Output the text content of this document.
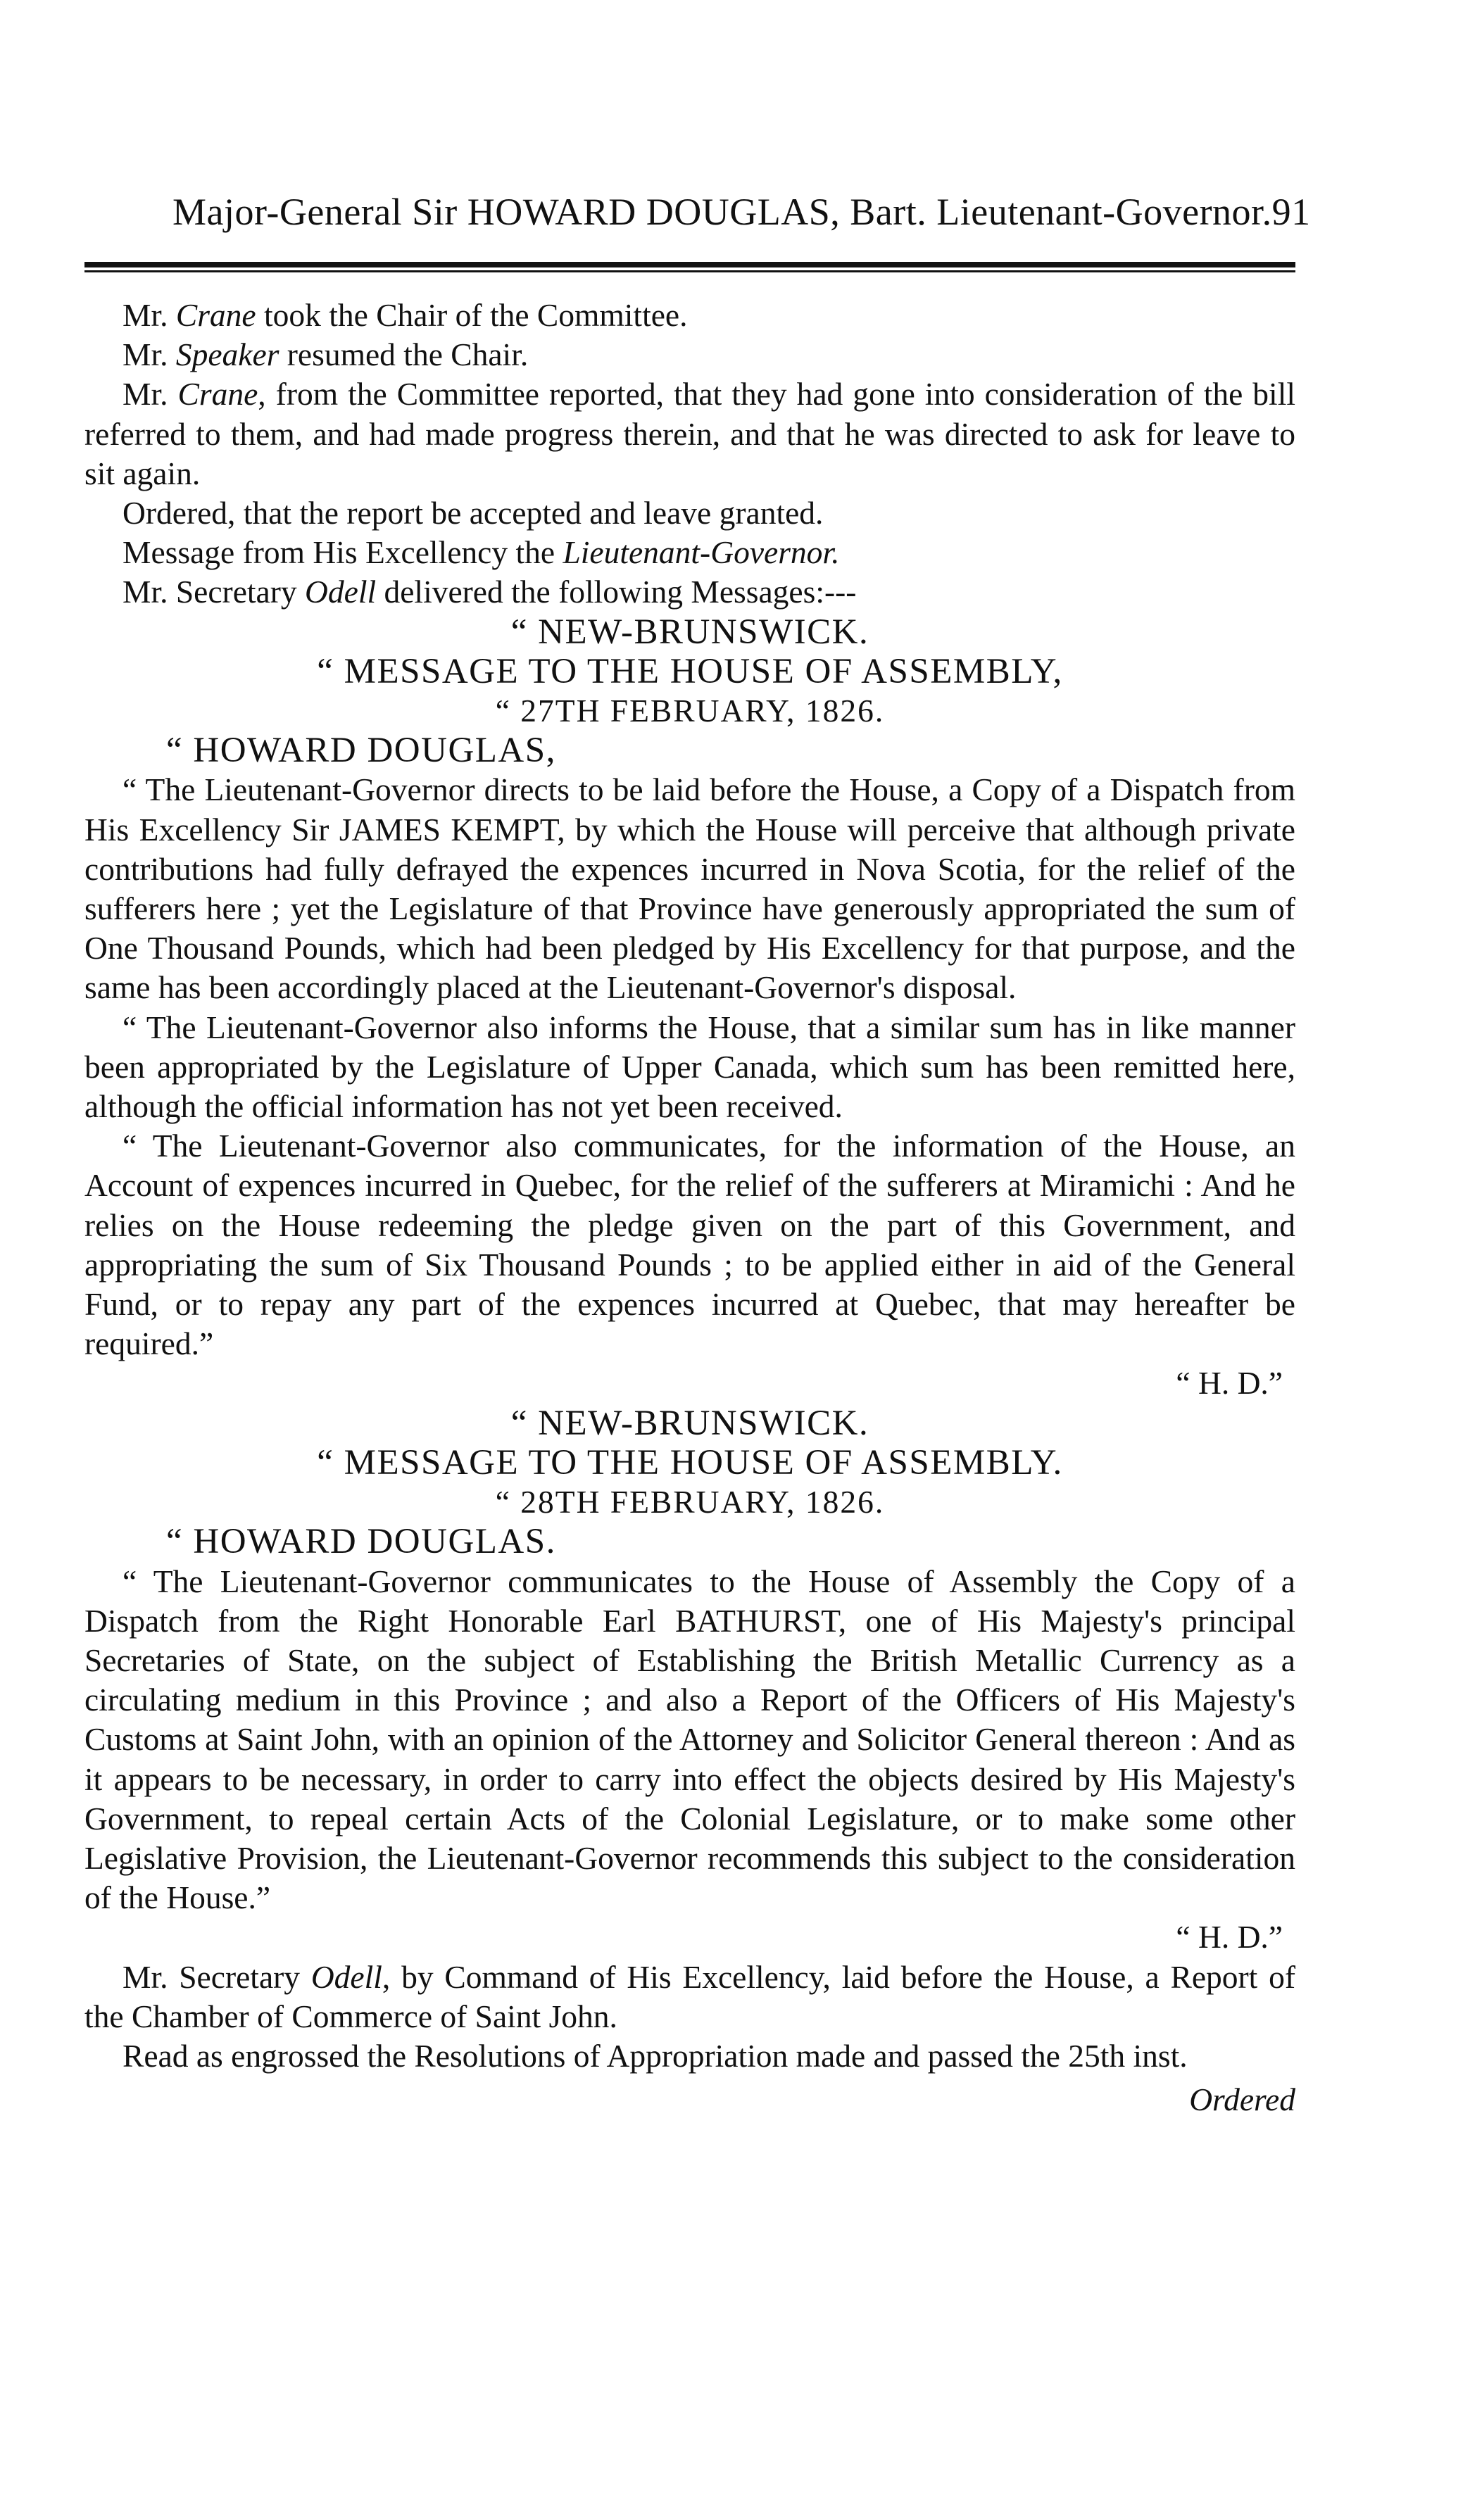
Major-General Sir HOWARD DOUGLAS, Bart. Lieutenant-Governor. 91

Mr. Crane took the Chair of the Committee.

Mr. Speaker resumed the Chair.

Mr. Crane, from the Committee reported, that they had gone into consideration of the bill referred to them, and had made progress therein, and that he was directed to ask for leave to sit again.

Ordered, that the report be accepted and leave granted.

Message from His Excellency the Lieutenant-Governor.

Mr. Secretary Odell delivered the following Messages:---

“ NEW-BRUNSWICK.

“ MESSAGE TO THE HOUSE OF ASSEMBLY,

“ 27TH FEBRUARY, 1826.

“ HOWARD DOUGLAS,

“ The Lieutenant-Governor directs to be laid before the House, a Copy of a Dispatch from His Excellency Sir JAMES KEMPT, by which the House will perceive that although private contributions had fully defrayed the expences incurred in Nova Scotia, for the relief of the sufferers here ; yet the Legislature of that Province have generously appropriated the sum of One Thousand Pounds, which had been pledged by His Excellency for that purpose, and the same has been accordingly placed at the Lieutenant-Governor's disposal.

“ The Lieutenant-Governor also informs the House, that a similar sum has in like manner been appropriated by the Legislature of Upper Canada, which sum has been remitted here, although the official information has not yet been received.

“ The Lieutenant-Governor also communicates, for the information of the House, an Account of expences incurred in Quebec, for the relief of the sufferers at Miramichi : And he relies on the House redeeming the pledge given on the part of this Government, and appropriating the sum of Six Thousand Pounds ; to be applied either in aid of the General Fund, or to repay any part of the expences incurred at Quebec, that may hereafter be required.”

“ H. D.”

“ NEW-BRUNSWICK.

“ MESSAGE TO THE HOUSE OF ASSEMBLY.

“ 28TH FEBRUARY, 1826.

“ HOWARD DOUGLAS.

“ The Lieutenant-Governor communicates to the House of Assembly the Copy of a Dispatch from the Right Honorable Earl BATHURST, one of His Majesty's principal Secretaries of State, on the subject of Establishing the British Metallic Currency as a circulating medium in this Province ; and also a Report of the Officers of His Majesty's Customs at Saint John, with an opinion of the Attorney and Solicitor General thereon : And as it appears to be necessary, in order to carry into effect the objects desired by His Majesty's Government, to repeal certain Acts of the Colonial Legislature, or to make some other Legislative Provision, the Lieutenant-Governor recommends this subject to the consideration of the House.”

“ H. D.”

Mr. Secretary Odell, by Command of His Excellency, laid before the House, a Report of the Chamber of Commerce of Saint John.

Read as engrossed the Resolutions of Appropriation made and passed the 25th inst.

Ordered
